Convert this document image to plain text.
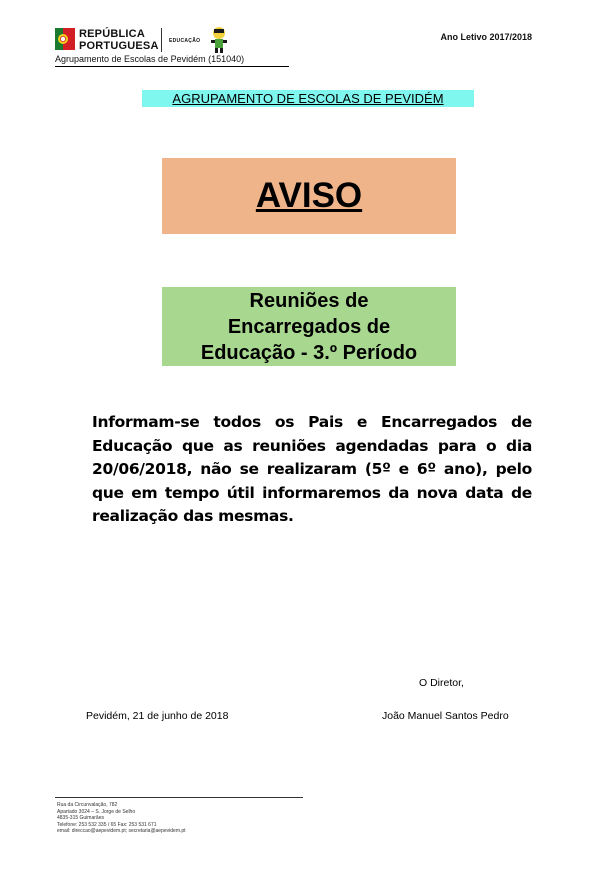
REPÚBLICA
PORTUGUESA EDUCAÇÃO
Agrupamento de Escolas de Pevidém (151040)
Ano Letivo 2017/2018
AGRUPAMENTO DE ESCOLAS DE PEVIDÉM
AVISO
Reuniões de Encarregados de Educação - 3.º Período
Informam-se todos os Pais e Encarregados de Educação que as reuniões agendadas para o dia 20/06/2018, não se realizaram (5º e 6º ano), pelo que em tempo útil informaremos da nova data de realização das mesmas.
O Diretor,
Pevidém, 21 de junho de 2018	João Manuel Santos Pedro
Rua da Circunvalação, 782
Apartado 3024 – S. Jorge de Selho
4835-315 Guimarães
Telefone: 253 532 335 / 65 Fax: 253 531 671
email: direccao@aepevidem.pt; secretaria@aepevidem.pt
